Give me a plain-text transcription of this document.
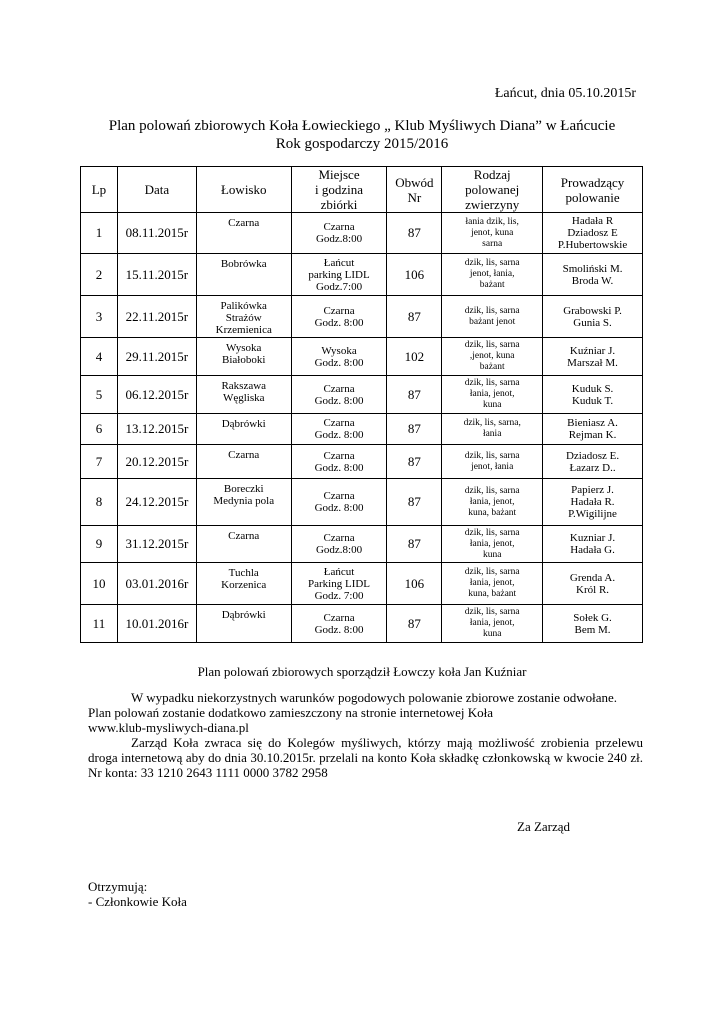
Łańcut, dnia 05.10.2015r
Plan polowań zbiorowych Koła Łowieckiego „ Klub Myśliwych Diana” w Łańcucie
Rok gospodarczy 2015/2016
Lp	Data	Łowisko	Miejsce
i godzina
zbiórki	Obwód
Nr	Rodzaj
polowanej
zwierzyny	Prowadzący
polowanie

1	08.11.2015r	Czarna	Czarna
Godz.8:00	87	łania dzik, lis,
jenot, kuna
sarna	Hadała R
Dziadosz E
P.Hubertowskie

2	15.11.2015r	Bobrówka	Łańcut
parking LIDL
Godz.7:00	106	dzik, lis, sarna
jenot, łania,
bażant	Smoliński M.
Broda W.

3	22.11.2015r	Palikówka
Strażów
Krzemienica	Czarna
Godz. 8:00	87	dzik, lis, sarna
bażant jenot	Grabowski P.
Gunia S.

4	29.11.2015r	Wysoka
Białoboki	Wysoka
Godz. 8:00	102	dzik, lis, sarna
,jenot, kuna
bażant	Kuźniar J.
Marszał M.

5	06.12.2015r	Rakszawa
Węgliska	Czarna
Godz. 8:00	87	dzik, lis, sarna
łania, jenot,
kuna	Kuduk S.
Kuduk T.

6	13.12.2015r	Dąbrówki	Czarna
Godz. 8:00	87	dzik, lis, sarna,
łania	Bieniasz A.
Rejman K.

7	20.12.2015r	Czarna	Czarna
Godz. 8:00	87	dzik, lis, sarna
jenot, łania	Dziadosz E.
Łazarz D..

8	24.12.2015r	Boreczki
Medynia pola	Czarna
Godz. 8:00	87	dzik, lis, sarna
łania, jenot,
kuna, bażant	Papierz J.
Hadała R.
P.Wigilijne

9	31.12.2015r	Czarna	Czarna
Godz.8:00	87	dzik, lis, sarna
łania, jenot,
kuna	Kuzniar J.
Hadała G.

10	03.01.2016r	Tuchla
Korzenica	Łańcut
Parking LIDL
Godz. 7:00	106	dzik, lis, sarna
łania, jenot,
kuna, bażant	Grenda A.
Król R.

11	10.01.2016r	Dąbrówki	Czarna
Godz. 8:00	87	dzik, lis, sarna
łania, jenot,
kuna	Sołek G.
Bem M.
Plan polowań zbiorowych sporządził Łowczy koła Jan Kuźniar

W wypadku niekorzystnych warunków pogodowych polowanie zbiorowe zostanie odwołane.

Plan polowań zostanie dodatkowo zamieszczony na stronie internetowej Koła

www.klub-mysliwych-diana.pl

Zarząd Koła zwraca się do Kolegów myśliwych, którzy mają możliwość zrobienia przelewu droga internetową aby do dnia 30.10.2015r. przelali na konto Koła składkę członkowską w kwocie 240 zł. Nr konta: 33 1210 2643 1111 0000 3782 2958

Za Zarząd
Otrzymują:
- Członkowie Koła
